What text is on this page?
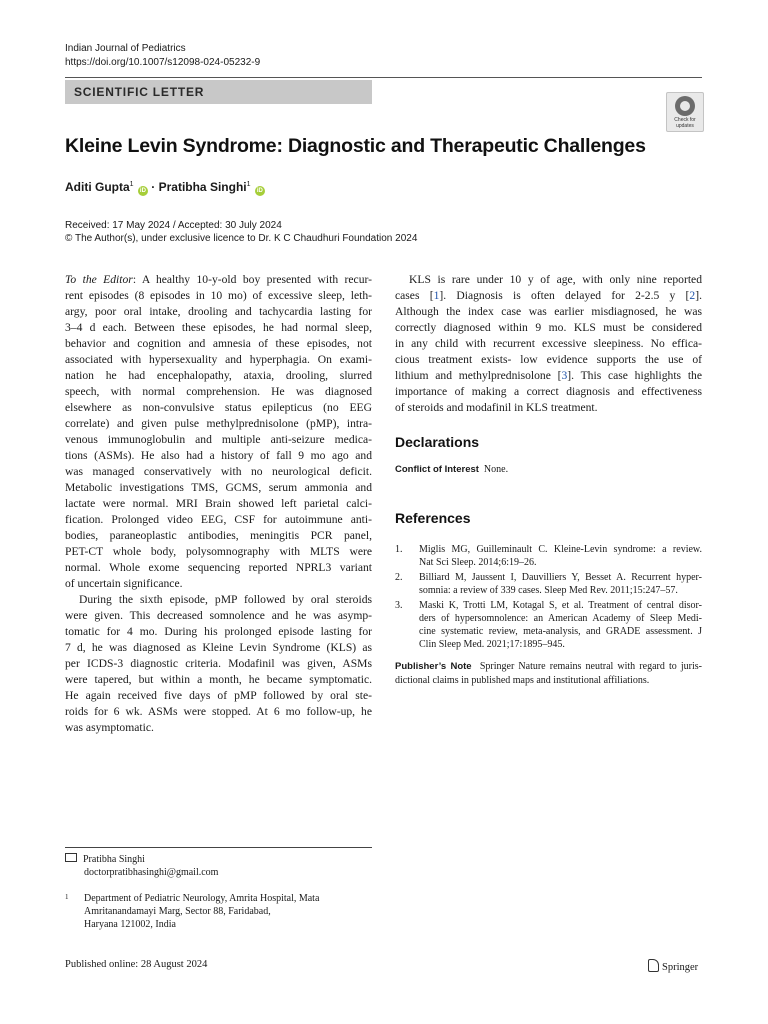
Indian Journal of Pediatrics
https://doi.org/10.1007/s12098-024-05232-9
SCIENTIFIC LETTER
Check for
updates
Kleine Levin Syndrome: Diagnostic and Therapeutic Challenges
Aditi Gupta$^1$ iD · Pratibha Singhi$^1$ iD
Received: 17 May 2024 / Accepted: 30 July 2024
© The Author(s), under exclusive licence to Dr. K C Chaudhuri Foundation 2024
To the Editor: A healthy 10-y-old boy presented with recur-
rent episodes (8 episodes in 10 mo) of excessive sleep, leth-
argy, poor oral intake, drooling and tachycardia lasting for
3–4 d each. Between these episodes, he had normal sleep,
behavior and cognition and amnesia of these episodes, not
associated with hypersexuality and hyperphagia. On exami-
nation he had encephalopathy, ataxia, drooling, slurred
speech, with normal comprehension. He was diagnosed
elsewhere as non-convulsive status epilepticus (no EEG
correlate) and given pulse methylprednisolone (pMP), intra-
venous immunoglobulin and multiple anti-seizure medica-
tions (ASMs). He also had a history of fall 9 mo ago and
was managed conservatively with no neurological deficit.
Metabolic investigations TMS, GCMS, serum ammonia and
lactate were normal. MRI Brain showed left parietal calci-
fication. Prolonged video EEG, CSF for autoimmune anti-
bodies, paraneoplastic antibodies, meningitis PCR panel,
PET-CT whole body, polysomnography with MLTS were
normal. Whole exome sequencing reported NPRL3 variant
of uncertain significance.
During the sixth episode, pMP followed by oral steroids
were given. This decreased somnolence and he was asymp-
tomatic for 4 mo. During his prolonged episode lasting for
7 d, he was diagnosed as Kleine Levin Syndrome (KLS) as
per ICDS-3 diagnostic criteria. Modafinil was given, ASMs
were tapered, but within a month, he became symptomatic.
He again received five days of pMP followed by oral ste-
roids for 6 wk. ASMs were stopped. At 6 mo follow-up, he
was asymptomatic.
KLS is rare under 10 y of age, with only nine reported
cases [1]. Diagnosis is often delayed for 2-2.5 y [2].
Although the index case was earlier misdiagnosed, he was
correctly diagnosed within 9 mo. KLS must be considered
in any child with recurrent excessive sleepiness. No effica-
cious treatment exists- low evidence supports the use of
lithium and methylprednisolone [3]. This case highlights the
importance of making a correct diagnosis and effectiveness
of steroids and modafinil in KLS treatment.
Declarations
Conflict of Interest None.
References
1. Miglis MG, Guilleminault C. Kleine-Levin syndrome: a review.
Nat Sci Sleep. 2014;6:19–26.
2. Billiard M, Jaussent I, Dauvilliers Y, Besset A. Recurrent hyper-
somnia: a review of 339 cases. Sleep Med Rev. 2011;15:247–57.
3. Maski K, Trotti LM, Kotagal S, et al. Treatment of central disor-
ders of hypersomnolence: an American Academy of Sleep Medi-
cine systematic review, meta-analysis, and GRADE assessment. J
Clin Sleep Med. 2021;17:1895–945.
Publisher’s Note Springer Nature remains neutral with regard to juris-
dictional claims in published maps and institutional affiliations.
Pratibha Singhi
doctorpratibhasinghi@gmail.com
1 Department of Pediatric Neurology, Amrita Hospital, Mata
Amritanandamayi Marg, Sector 88, Faridabad,
Haryana 121002, India
Published online: 28 August 2024	Springer
